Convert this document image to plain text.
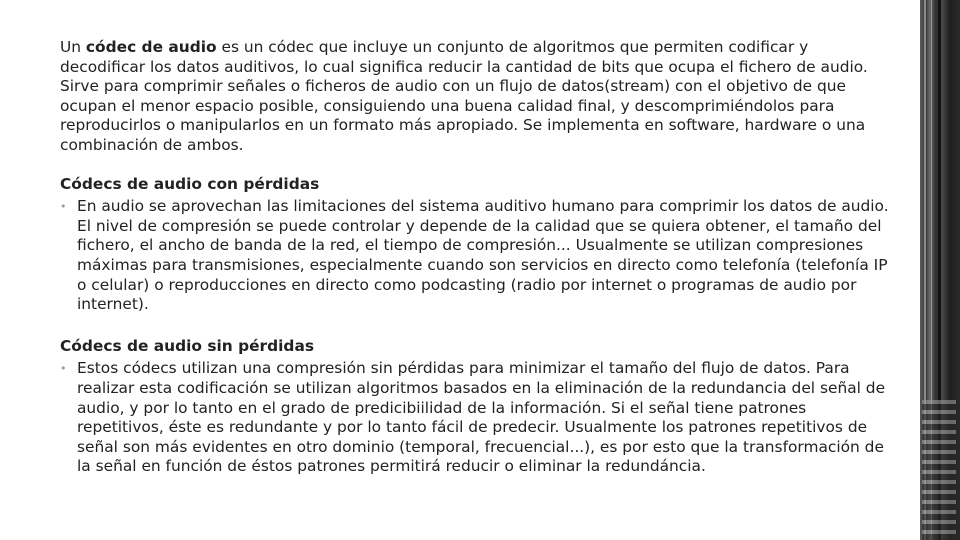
Un códec de audio es un códec que incluye un conjunto de algoritmos que permiten codificar y decodificar los datos auditivos, lo cual significa reducir la cantidad de bits que ocupa el fichero de audio. Sirve para comprimir señales o ficheros de audio con un flujo de datos(stream) con el objetivo de que ocupan el menor espacio posible, consiguiendo una buena calidad final, y descomprimiéndolos para reproducirlos o manipularlos en un formato más apropiado. Se implementa en software, hardware o una combinación de ambos.

Códecs de audio con pérdidas

• En audio se aprovechan las limitaciones del sistema auditivo humano para comprimir los datos de audio. El nivel de compresión se puede controlar y depende de la calidad que se quiera obtener, el tamaño del fichero, el ancho de banda de la red, el tiempo de compresión... Usualmente se utilizan compresiones máximas para transmisiones, especialmente cuando son servicios en directo como telefonía (telefonía IP o celular) o reproducciones en directo como podcasting (radio por internet o programas de audio por internet).

Códecs de audio sin pérdidas

• Estos códecs utilizan una compresión sin pérdidas para minimizar el tamaño del flujo de datos. Para realizar esta codificación se utilizan algoritmos basados en la eliminación de la redundancia del señal de audio, y por lo tanto en el grado de predicibiilidad de la información. Si el señal tiene patrones repetitivos, éste es redundante y por lo tanto fácil de predecir. Usualmente los patrones repetitivos de señal son más evidentes en otro dominio (temporal, frecuencial...), es por esto que la transformación de la señal en función de éstos patrones permitirá reducir o eliminar la redundáncia.
